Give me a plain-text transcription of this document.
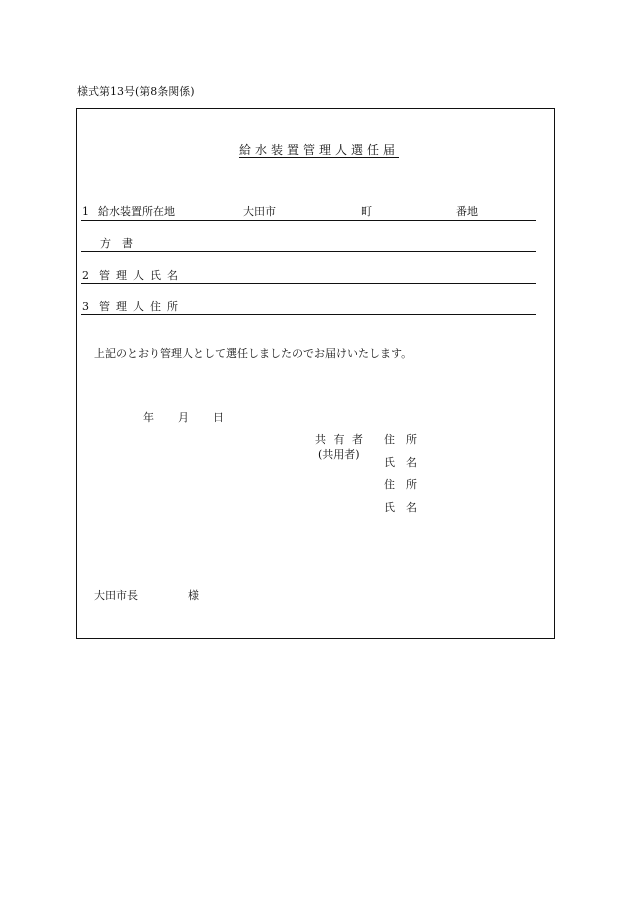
様式第13号(第8条関係)
給水装置管理人選任届
1 給水装置所在地	大田市	町	番地
方　書
2 管理人氏名
3 管理人住所
上記のとおり管理人として選任しましたのでお届けいたします。
年 月 日
共 有 者
(共用者)
住　所
氏　名
住　所
氏　名
大田市長	様
